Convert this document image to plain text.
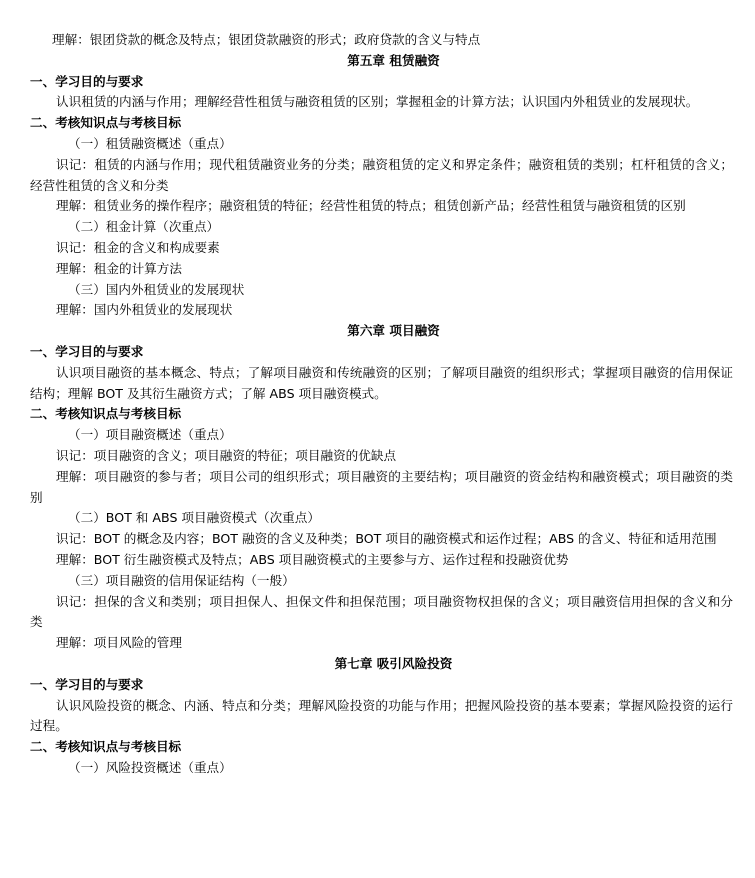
理解：银团贷款的概念及特点；银团贷款融资的形式；政府贷款的含义与特点

第五章 租赁融资

一、学习目的与要求

认识租赁的内涵与作用；理解经营性租赁与融资租赁的区别；掌握租金的计算方法；认识国内外租赁业的发展现状。

二、考核知识点与考核目标

（一）租赁融资概述（重点）

识记：租赁的内涵与作用；现代租赁融资业务的分类；融资租赁的定义和界定条件；融资租赁的类别；杠杆租赁的含义；经营性租赁的含义和分类

理解：租赁业务的操作程序；融资租赁的特征；经营性租赁的特点；租赁创新产品；经营性租赁与融资租赁的区别

（二）租金计算（次重点）

识记：租金的含义和构成要素

理解：租金的计算方法

（三）国内外租赁业的发展现状

理解：国内外租赁业的发展现状

第六章 项目融资

一、学习目的与要求

认识项目融资的基本概念、特点；了解项目融资和传统融资的区别；了解项目融资的组织形式；掌握项目融资的信用保证结构；理解 BOT 及其衍生融资方式；了解 ABS 项目融资模式。

二、考核知识点与考核目标

（一）项目融资概述（重点）

识记：项目融资的含义；项目融资的特征；项目融资的优缺点

理解：项目融资的参与者；项目公司的组织形式；项目融资的主要结构；项目融资的资金结构和融资模式；项目融资的类别

（二）BOT 和 ABS 项目融资模式（次重点）

识记：BOT 的概念及内容；BOT 融资的含义及种类；BOT 项目的融资模式和运作过程；ABS 的含义、特征和适用范围

理解：BOT 衍生融资模式及特点；ABS 项目融资模式的主要参与方、运作过程和投融资优势

（三）项目融资的信用保证结构（一般）

识记：担保的含义和类别；项目担保人、担保文件和担保范围；项目融资物权担保的含义；项目融资信用担保的含义和分类

理解：项目风险的管理

第七章 吸引风险投资

一、学习目的与要求

认识风险投资的概念、内涵、特点和分类；理解风险投资的功能与作用；把握风险投资的基本要素；掌握风险投资的运行过程。

二、考核知识点与考核目标

（一）风险投资概述（重点）
